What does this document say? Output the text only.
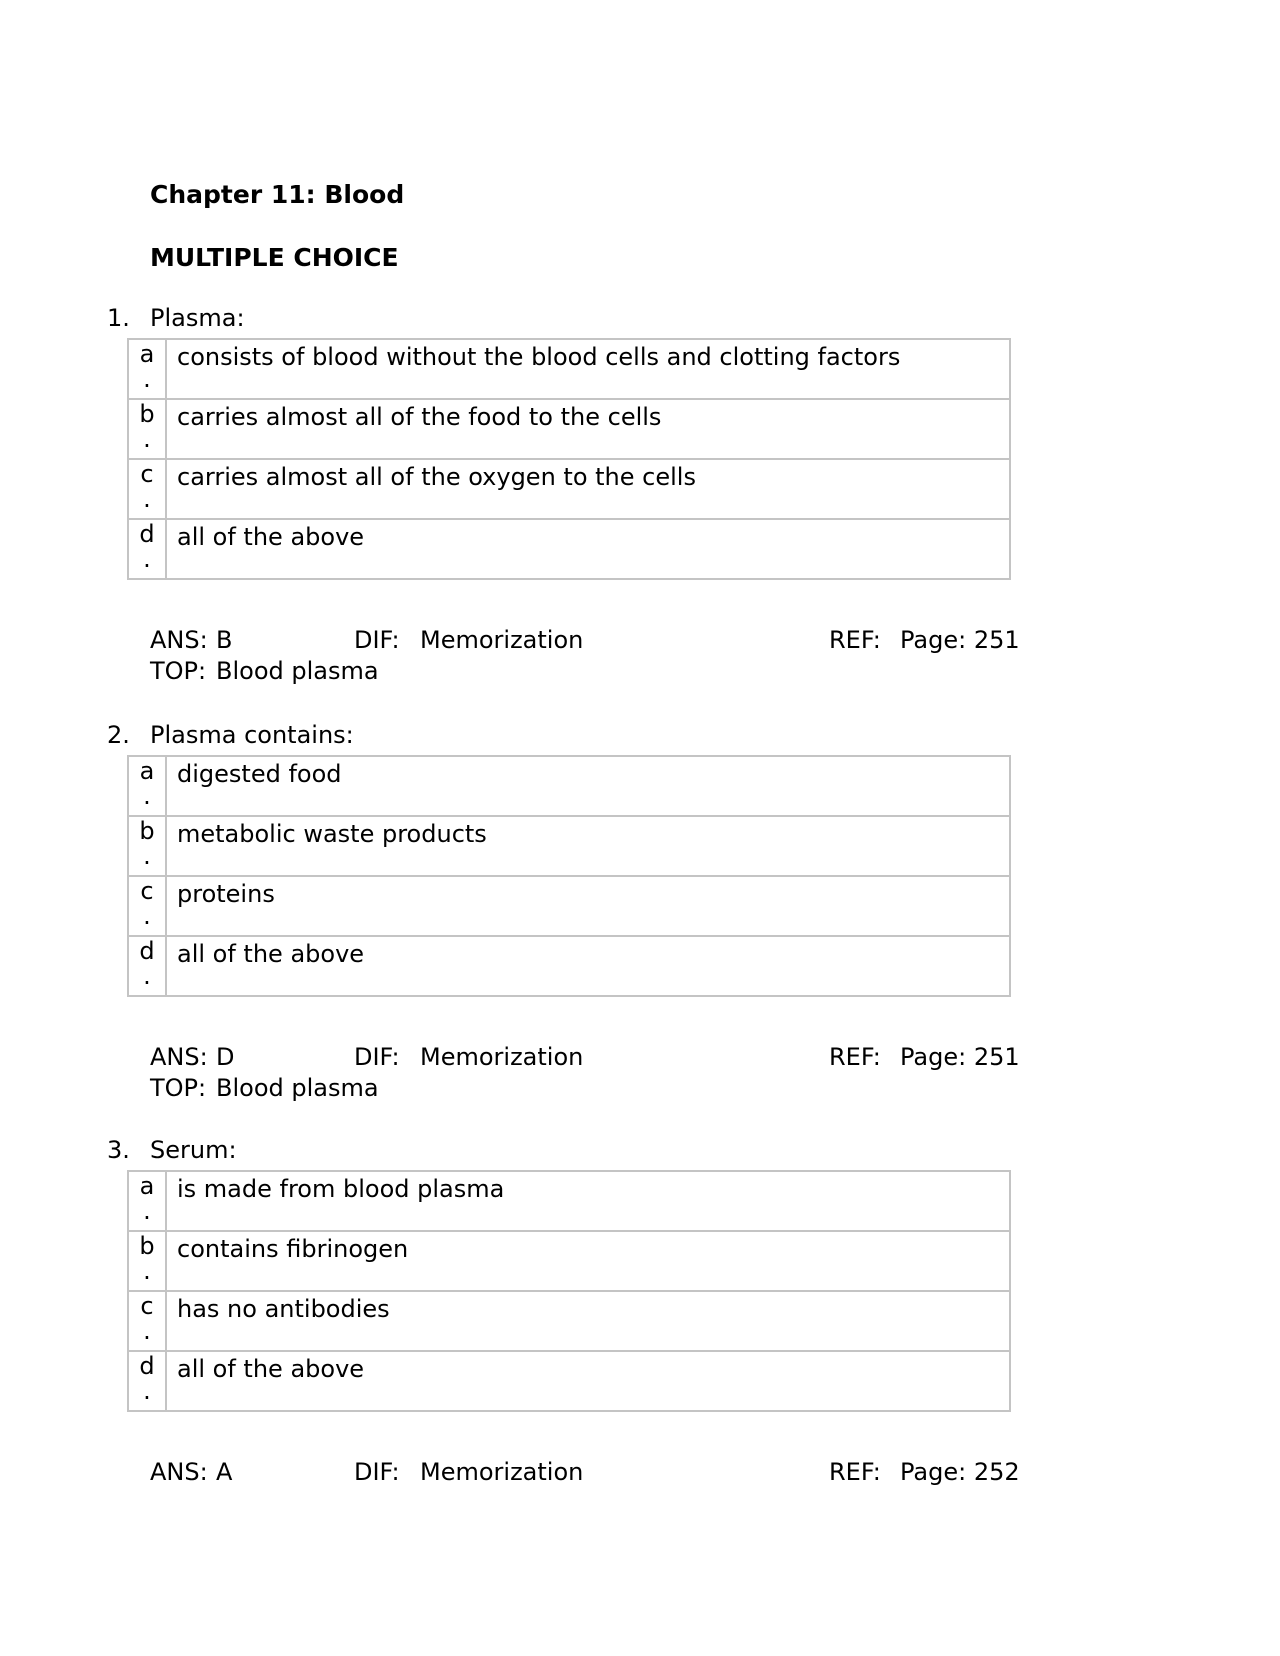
Chapter 11: Blood
MULTIPLE CHOICE
1. Plasma:
a
.	consists of blood without the blood cells and clotting factors

b
.	carries almost all of the food to the cells

c
.	carries almost all of the oxygen to the cells

d
.	all of the above
ANS: B	DIF: Memorization	REF: Page: 251
TOP: Blood plasma
2. Plasma contains:
a
.	digested food

b
.	metabolic waste products

c
.	proteins

d
.	all of the above
ANS: D	DIF: Memorization	REF: Page: 251
TOP: Blood plasma
3. Serum:
a
.	is made from blood plasma

b
.	contains fibrinogen

c
.	has no antibodies

d
.	all of the above
ANS: A	DIF: Memorization	REF: Page: 252
